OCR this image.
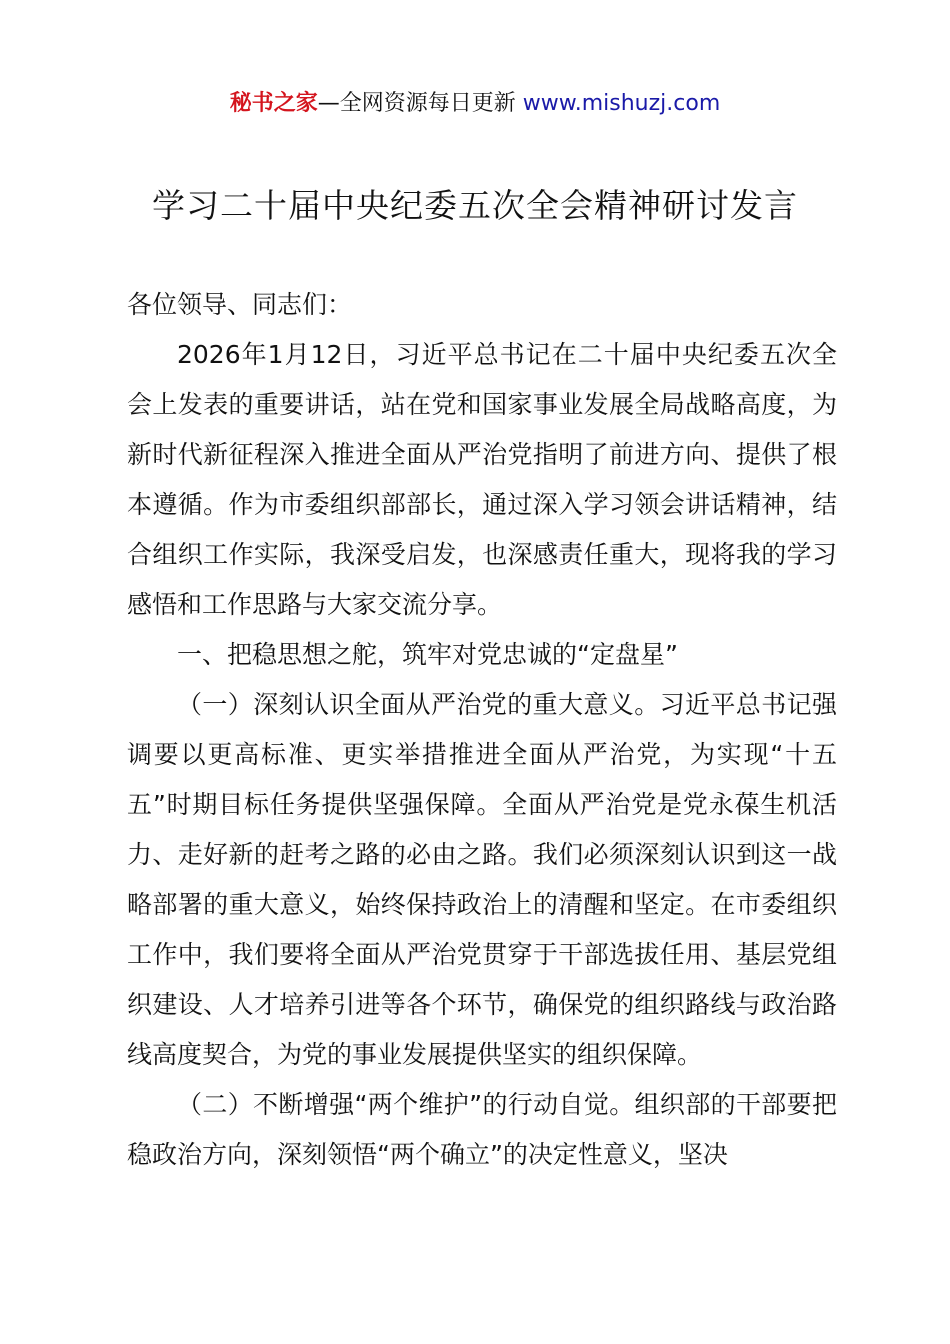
秘书之家—全网资源每日更新 www.mishuzj.com
学习二十届中央纪委五次全会精神研讨发言

各位领导、同志们：

2026年1月12日，习近平总书记在二十届中央纪委五次全会上发表的重要讲话，站在党和国家事业发展全局战略高度，为新时代新征程深入推进全面从严治党指明了前进方向、提供了根本遵循。作为市委组织部部长，通过深入学习领会讲话精神，结合组织工作实际，我深受启发，也深感责任重大，现将我的学习感悟和工作思路与大家交流分享。

一、把稳思想之舵，筑牢对党忠诚的“定盘星”

（一）深刻认识全面从严治党的重大意义。习近平总书记强调要以更高标准、更实举措推进全面从严治党，为实现“十五五”时期目标任务提供坚强保障。全面从严治党是党永葆生机活力、走好新的赶考之路的必由之路。我们必须深刻认识到这一战略部署的重大意义，始终保持政治上的清醒和坚定。在市委组织工作中，我们要将全面从严治党贯穿于干部选拔任用、基层党组织建设、人才培养引进等各个环节，确保党的组织路线与政治路线高度契合，为党的事业发展提供坚实的组织保障。

（二）不断增强“两个维护”的行动自觉。组织部的干部要把稳政治方向，深刻领悟“两个确立”的决定性意义，坚决
